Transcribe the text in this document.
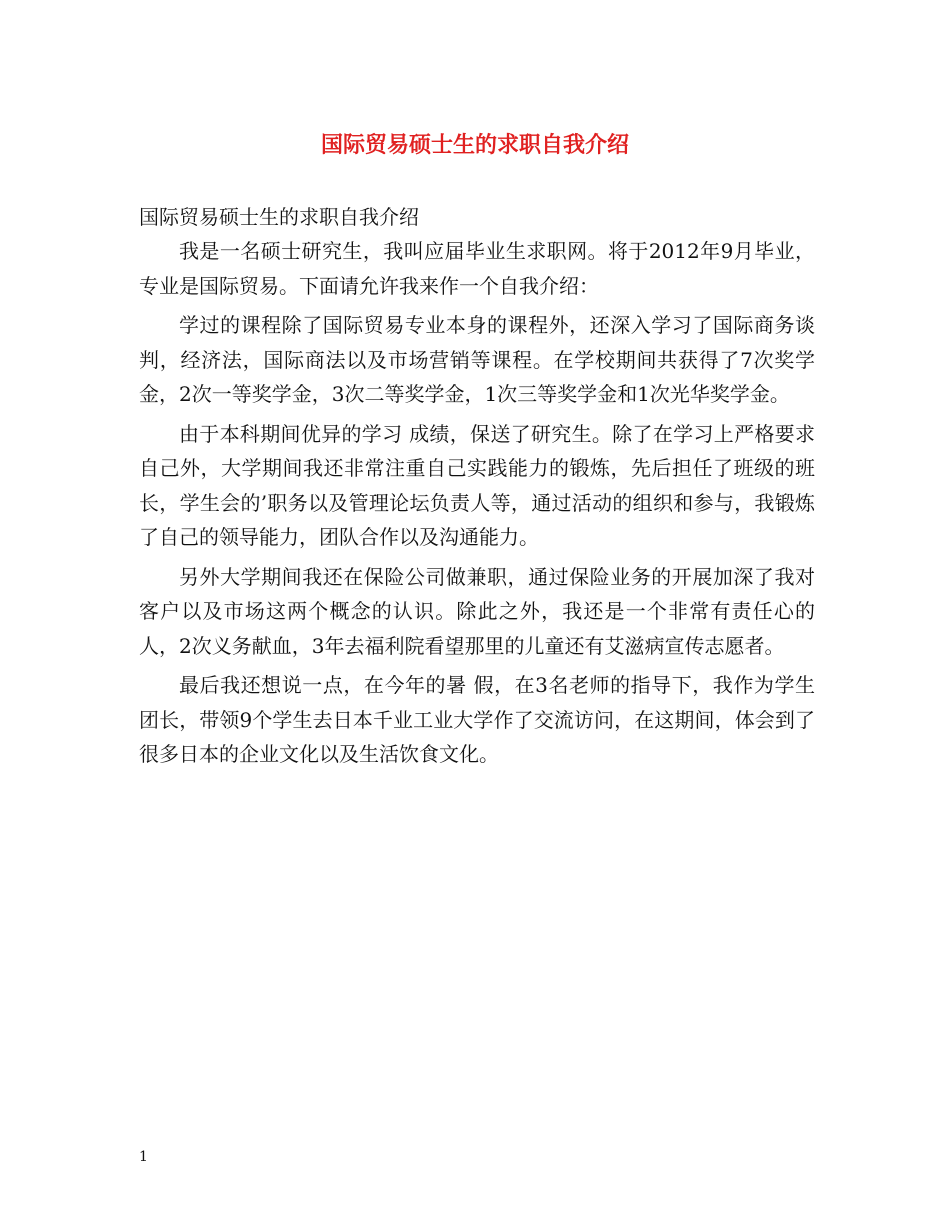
国际贸易硕士生的求职自我介绍

国际贸易硕士生的求职自我介绍

我是一名硕士研究生，我叫应届毕业生求职网。将于2012年9月毕业，专业是国际贸易。下面请允许我来作一个自我介绍：

学过的课程除了国际贸易专业本身的课程外，还深入学习了国际商务谈判，经济法，国际商法以及市场营销等课程。在学校期间共获得了7次奖学金，2次一等奖学金，3次二等奖学金，1次三等奖学金和1次光华奖学金。

由于本科期间优异的学习 成绩，保送了研究生。除了在学习上严格要求自己外，大学期间我还非常注重自己实践能力的锻炼，先后担任了班级的班长，学生会的’职务以及管理论坛负责人等，通过活动的组织和参与，我锻炼了自己的领导能力，团队合作以及沟通能力。

另外大学期间我还在保险公司做兼职，通过保险业务的开展加深了我对客户以及市场这两个概念的认识。除此之外，我还是一个非常有责任心的人，2次义务献血，3年去福利院看望那里的儿童还有艾滋病宣传志愿者。

最后我还想说一点，在今年的暑 假，在3名老师的指导下，我作为学生团长，带领9个学生去日本千业工业大学作了交流访问，在这期间，体会到了很多日本的企业文化以及生活饮食文化。

1
